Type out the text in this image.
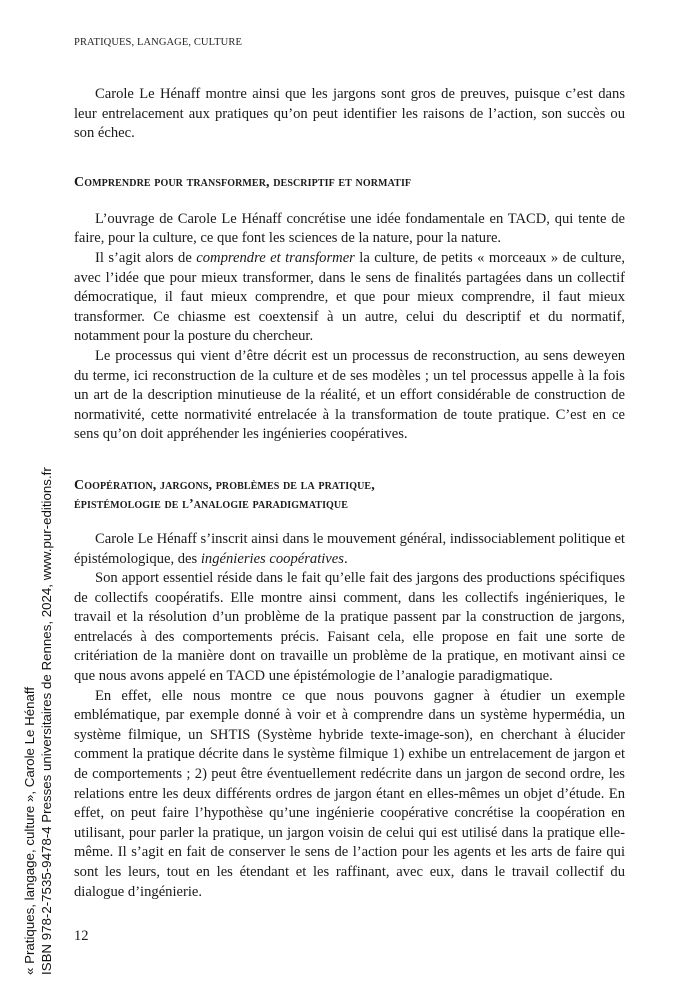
PRATIQUES, LANGAGE, CULTURE

Carole Le Hénaff montre ainsi que les jargons sont gros de preuves, puisque c’est dans leur entrelacement aux pratiques qu’on peut identifier les raisons de l’action, son succès ou son échec.

Comprendre pour transformer, descriptif et normatif

L’ouvrage de Carole Le Hénaff concrétise une idée fondamentale en TACD, qui tente de faire, pour la culture, ce que font les sciences de la nature, pour la nature.

Il s’agit alors de comprendre et transformer la culture, de petits « morceaux » de culture, avec l’idée que pour mieux transformer, dans le sens de finalités partagées dans un collectif démocratique, il faut mieux comprendre, et que pour mieux comprendre, il faut mieux transformer. Ce chiasme est coextensif à un autre, celui du descriptif et du normatif, notamment pour la posture du chercheur.

Le processus qui vient d’être décrit est un processus de reconstruction, au sens deweyen du terme, ici reconstruction de la culture et de ses modèles ; un tel processus appelle à la fois un art de la description minutieuse de la réalité, et un effort considérable de construction de normativité, cette normativité entrelacée à la transformation de toute pratique. C’est en ce sens qu’on doit appréhender les ingénieries coopératives.

Coopération, jargons, problèmes de la pratique,
épistémologie de l’analogie paradigmatique

Carole Le Hénaff s’inscrit ainsi dans le mouvement général, indissociablement politique et épistémologique, des ingénieries coopératives.

Son apport essentiel réside dans le fait qu’elle fait des jargons des productions spécifiques de collectifs coopératifs. Elle montre ainsi comment, dans les collectifs ingénieriques, le travail et la résolution d’un problème de la pratique passent par la construction de jargons, entrelacés à des comportements précis. Faisant cela, elle propose en fait une sorte de critériation de la manière dont on travaille un problème de la pratique, en motivant ainsi ce que nous avons appelé en TACD une épistémologie de l’analogie paradigmatique.

En effet, elle nous montre ce que nous pouvons gagner à étudier un exemple emblématique, par exemple donné à voir et à comprendre dans un système hypermédia, un système filmique, un SHTIS (Système hybride texte-image-son), en cherchant à élucider comment la pratique décrite dans le système filmique 1) exhibe un entrelacement de jargon et de comportements ; 2) peut être éventuellement redécrite dans un jargon de second ordre, les relations entre les deux différents ordres de jargon étant en elles-mêmes un objet d’étude. En effet, on peut faire l’hypothèse qu’une ingénierie coopérative concrétise la coopération en utilisant, pour parler la pratique, un jargon voisin de celui qui est utilisé dans la pratique elle-même. Il s’agit en fait de conserver le sens de l’action pour les agents et les arts de faire qui sont les leurs, tout en les étendant et les raffinant, avec eux, dans le travail collectif du dialogue d’ingénierie.

12
« Pratiques, langage, culture », Carole Le Hénaff ISBN 978-2-7535-9478-4 Presses universitaires de Rennes, 2024, www.pur-editions.fr
